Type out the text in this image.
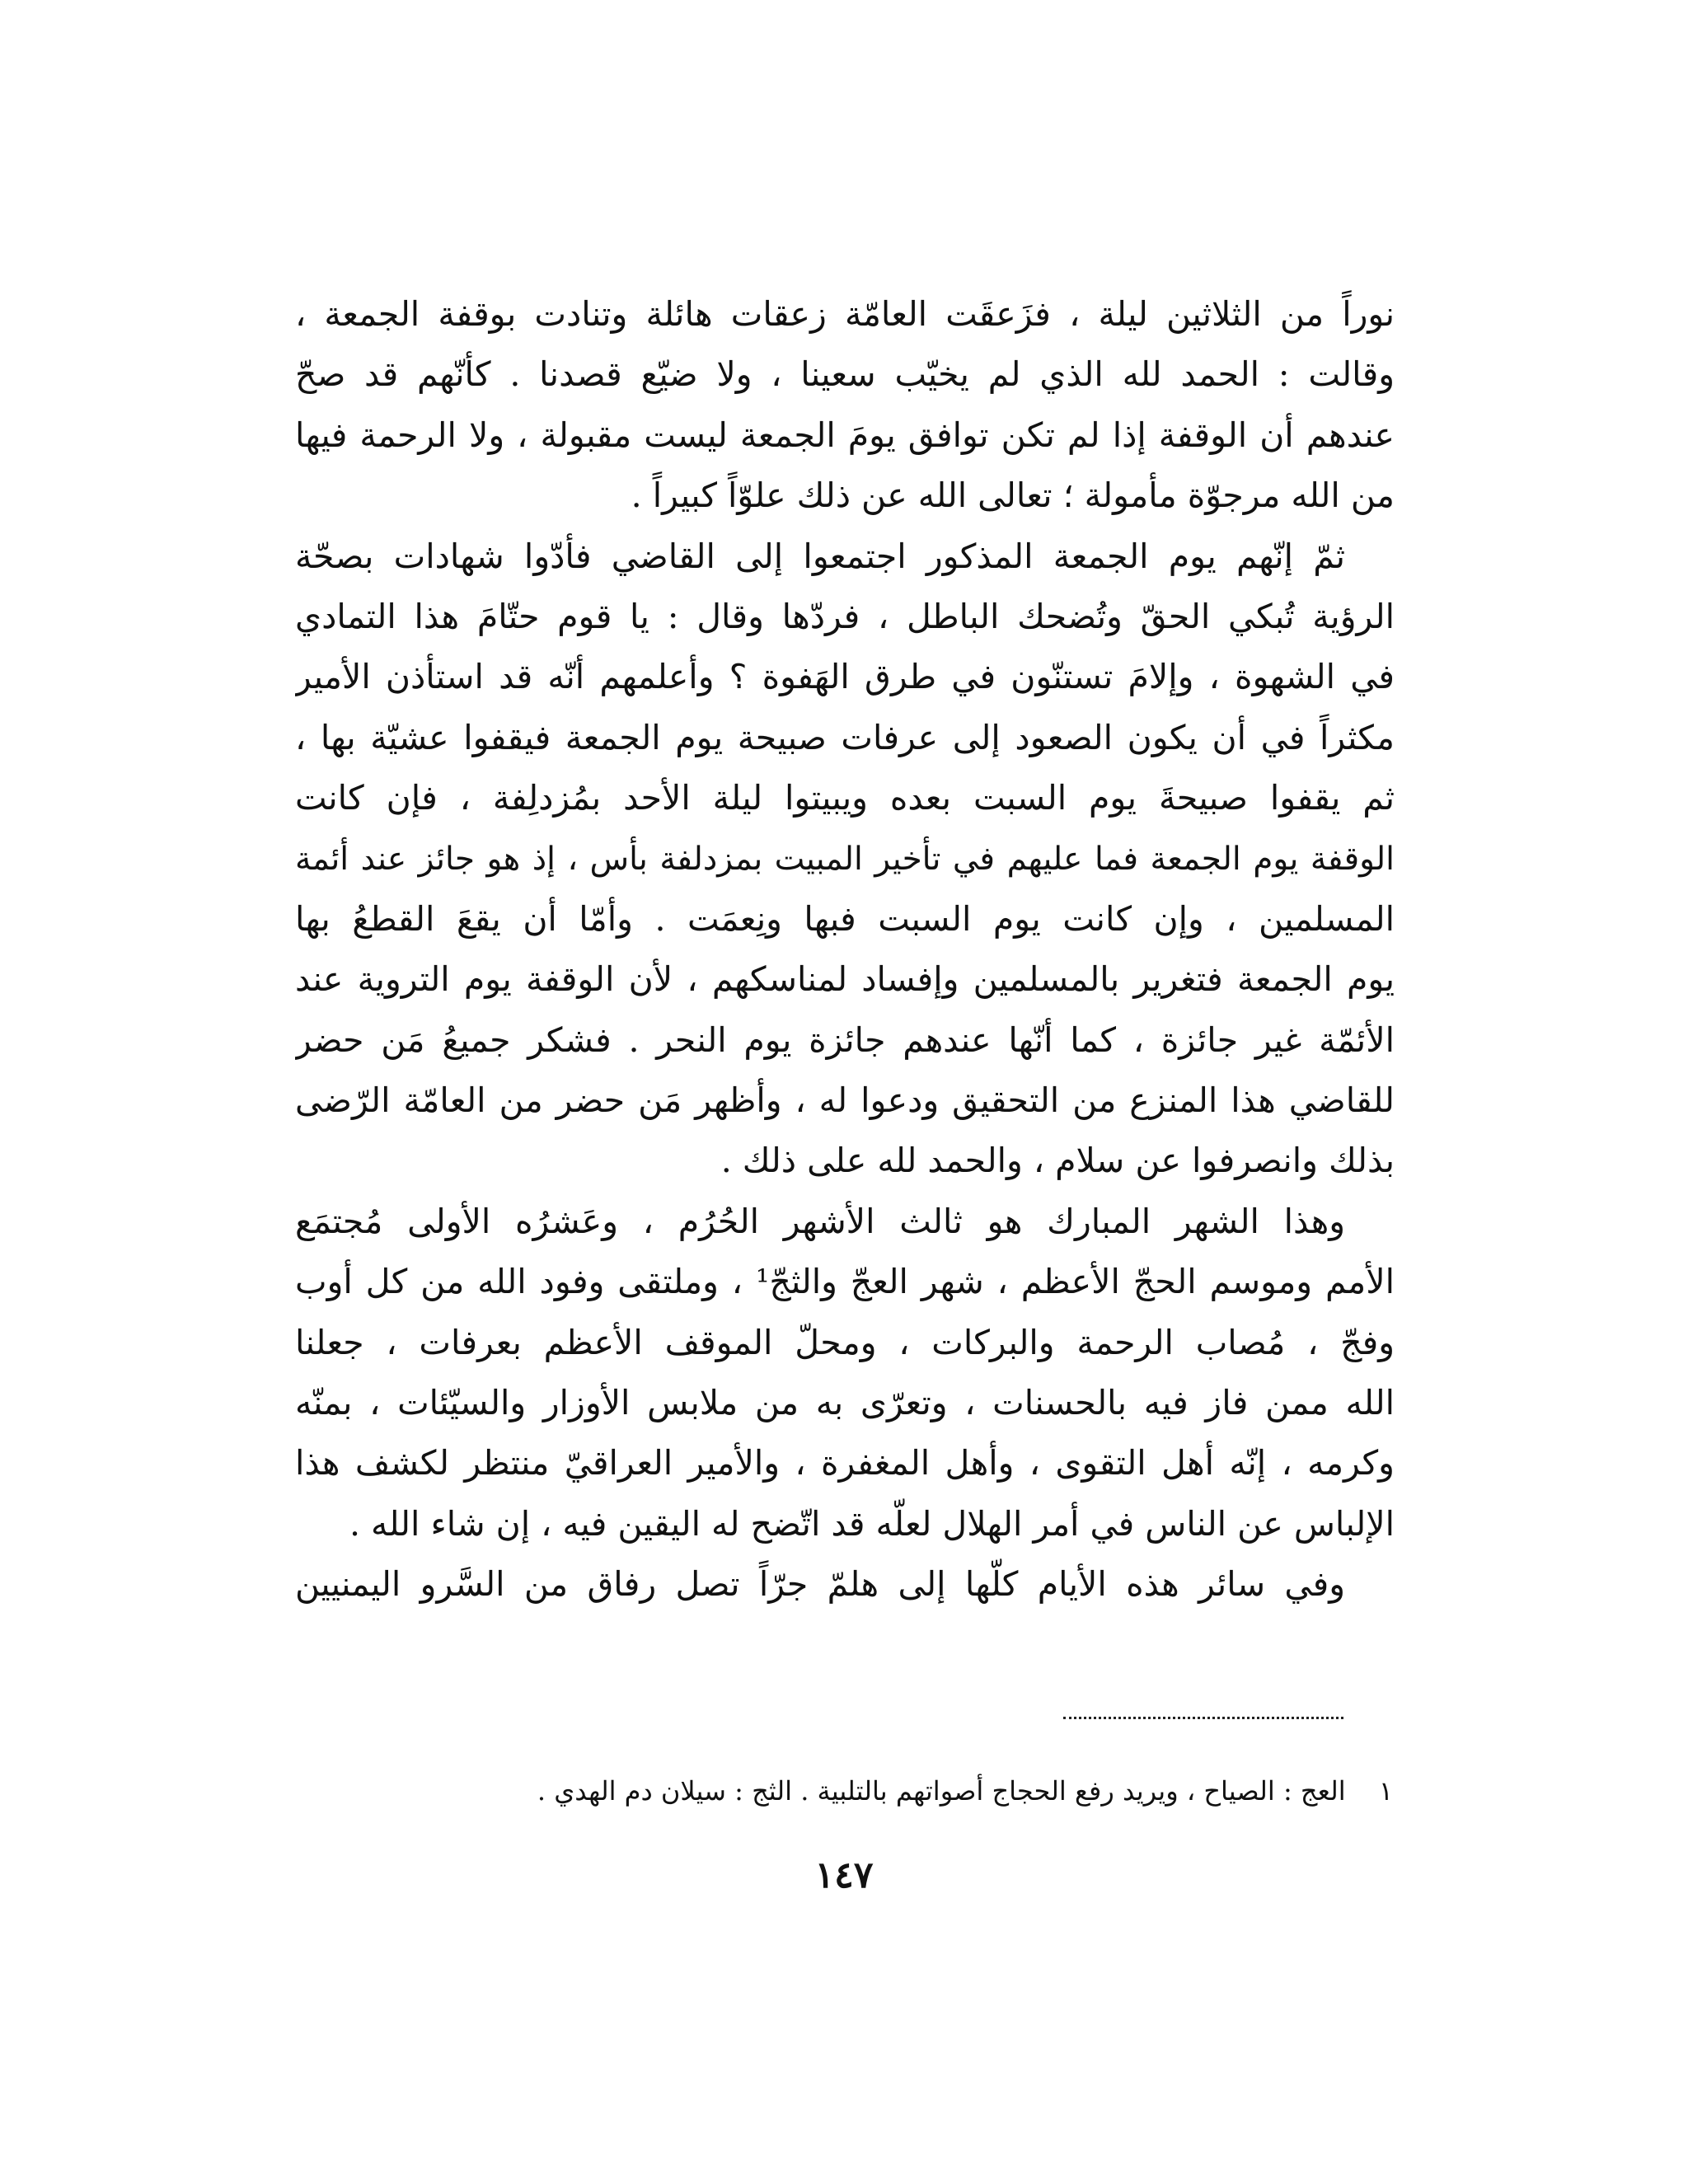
نوراً من الثلاثين ليلة ، فزَعقَت العامّة زعقات هائلة وتنادت بوقفة الجمعة ،
وقالت : الحمد لله الذي لم يخيّب سعينا ، ولا ضيّع قصدنا . كأنّهم قد صحّ
عندهم أن الوقفة إذا لم تكن توافق يومَ الجمعة ليست مقبولة ، ولا الرحمة فيها
من الله مرجوّة مأمولة ؛ تعالى الله عن ذلك علوّاً كبيراً .
ثمّ إنّهم يوم الجمعة المذكور اجتمعوا إلى القاضي فأدّوا شهادات بصحّة
الرؤية تُبكي الحقّ وتُضحك الباطل ، فردّها وقال : يا قوم حتّامَ هذا التمادي
في الشهوة ، وإلامَ تستنّون في طرق الهَفوة ؟ وأعلمهم أنّه قد استأذن الأمير
مكثراً في أن يكون الصعود إلى عرفات صبيحة يوم الجمعة فيقفوا عشيّة بها ،
ثم يقفوا صبيحةَ يوم السبت بعده ويبيتوا ليلة الأحد بمُزدلِفة ، فإن كانت
الوقفة يوم الجمعة فما عليهم في تأخير المبيت بمزدلفة بأس ، إذ هو جائز عند أئمة
المسلمين ، وإن كانت يوم السبت فبها ونِعمَت . وأمّا أن يقعَ القطعُ بها
يوم الجمعة فتغرير بالمسلمين وإفساد لمناسكهم ، لأن الوقفة يوم التروية عند
الأئمّة غير جائزة ، كما أنّها عندهم جائزة يوم النحر . فشكر جميعُ مَن حضر
للقاضي هذا المنزع من التحقيق ودعوا له ، وأظهر مَن حضر من العامّة الرّضى
بذلك وانصرفوا عن سلام ، والحمد لله على ذلك .
وهذا الشهر المبارك هو ثالث الأشهر الحُرُم ، وعَشرُه الأولى مُجتمَع
الأمم وموسم الحجّ الأعظم ، شهر العجّ والثجّ¹ ، وملتقى وفود الله من كل أوب
وفجّ ، مُصاب الرحمة والبركات ، ومحلّ الموقف الأعظم بعرفات ، جعلنا
الله ممن فاز فيه بالحسنات ، وتعرّى به من ملابس الأوزار والسيّئات ، بمنّه
وكرمه ، إنّه أهل التقوى ، وأهل المغفرة ، والأمير العراقيّ منتظر لكشف هذا
الإلباس عن الناس في أمر الهلال لعلّه قد اتّضح له اليقين فيه ، إن شاء الله .
وفي سائر هذه الأيام كلّها إلى هلمّ جرّاً تصل رفاق من السَّرو اليمنيين
١ العج : الصياح ، ويريد رفع الحجاج أصواتهم بالتلبية . الثج : سيلان دم الهدي .
١٤٧
